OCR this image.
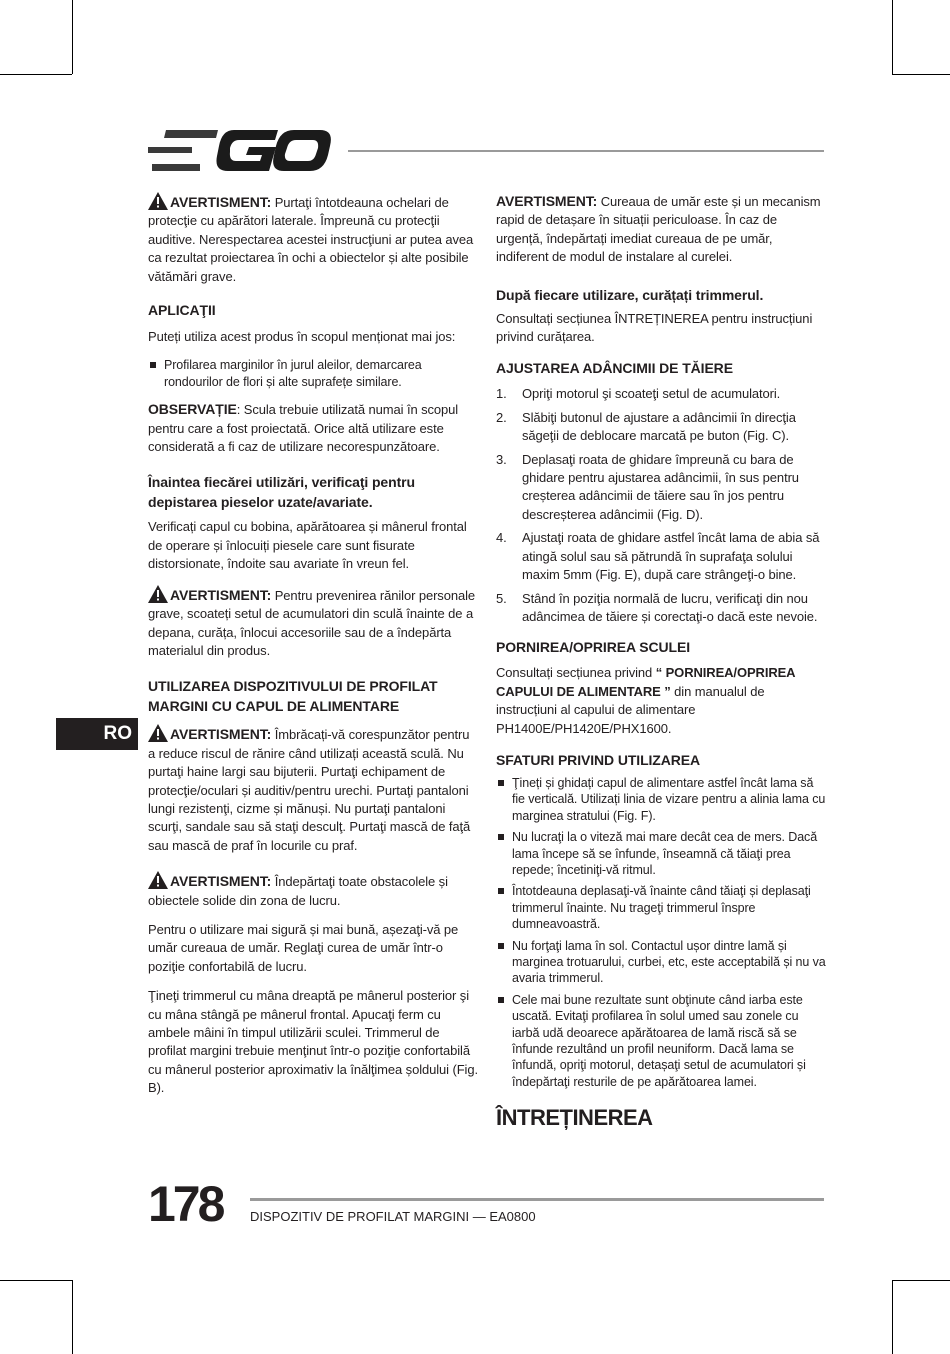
AVERTISMENT: Purtaţi întotdeauna ochelari de protecţie cu apărători laterale. Împreună cu protecţii auditive. Nerespectarea acestei instrucţiuni ar putea avea ca rezultat proiectarea în ochi a obiectelor și alte posibile vătămări grave.

APLICAŢII

Puteți utiliza acest produs în scopul menționat mai jos:

Profilarea marginilor în jurul aleilor, demarcarea rondourilor de flori și alte suprafețe similare.

OBSERVAȚIE: Scula trebuie utilizată numai în scopul pentru care a fost proiectată. Orice altă utilizare este considerată a fi caz de utilizare necorespunzătoare.

Înaintea fiecărei utilizări, verificaţi pentru depistarea pieselor uzate/avariate.

Verificați capul cu bobina, apărătoarea și mânerul frontal de operare și înlocuiți piesele care sunt fisurate distorsionate, îndoite sau avariate în vreun fel.

AVERTISMENT: Pentru prevenirea rănilor personale grave, scoateți setul de acumulatori din sculă înainte de a depana, curăța, înlocui accesoriile sau de a îndepărta materialul din produs.

UTILIZAREA DISPOZITIVULUI DE PROFILAT MARGINI CU CAPUL DE ALIMENTARE

AVERTISMENT: Îmbrăcați-vă corespunzător pentru a reduce riscul de rănire când utilizați această sculă. Nu purtaţi haine largi sau bijuterii. Purtaţi echipament de protecţie/oculari și auditiv/pentru urechi. Purtaţi pantaloni lungi rezistenţi, cizme și mănuși. Nu purtaţi pantaloni scurţi, sandale sau să staţi desculţ. Purtaţi mască de faţă sau mască de praf în locurile cu praf.

AVERTISMENT: Îndepărtaţi toate obstacolele și obiectele solide din zona de lucru.

Pentru o utilizare mai sigură și mai bună, așezaţi-vă pe umăr cureaua de umăr. Reglaţi curea de umăr într-o poziţie confortabilă de lucru.

Ţineţi trimmerul cu mâna dreaptă pe mânerul posterior şi cu mâna stângă pe mânerul frontal. Apucaţi ferm cu ambele mâini în timpul utilizării sculei. Trimmerul de profilat margini trebuie menţinut într-o poziţie confortabilă cu mânerul posterior aproximativ la înălţimea șoldului (Fig. B).

AVERTISMENT: Cureaua de umăr este și un mecanism rapid de detașare în situații periculoase. În caz de urgență, îndepărtați imediat cureaua de pe umăr, indiferent de modul de instalare al curelei.

După fiecare utilizare, curățați trimmerul.

Consultați secțiunea ÎNTREȚINEREA pentru instrucțiuni privind curățarea.

AJUSTAREA ADÂNCIMII DE TĂIERE
1. Opriţi motorul şi scoateţi setul de acumulatori.
2. Slăbiţi butonul de ajustare a adâncimii în direcţia săgeţii de deblocare marcată pe buton (Fig. C).
3. Deplasaţi roata de ghidare împreună cu bara de ghidare pentru ajustarea adâncimii, în sus pentru creșterea adâncimii de tăiere sau în jos pentru descreșterea adâncimii (Fig. D).
4. Ajustaţi roata de ghidare astfel încât lama de abia să atingă solul sau să pătrundă în suprafaţa solului maxim 5mm (Fig. E), după care strângeţi-o bine.
5. Stând în poziţia normală de lucru, verificaţi din nou adâncimea de tăiere și corectaţi-o dacă este nevoie.
PORNIREA/OPRIREA SCULEI

Consultați secțiunea privind “ PORNIREA/OPRIREA CAPULUI DE ALIMENTARE ” din manualul de instrucțiuni al capului de alimentare PH1400E/PH1420E/PHX1600.

SFATURI PRIVIND UTILIZAREA
Ţineți și ghidați capul de alimentare astfel încât lama să fie verticală. Utilizați linia de vizare pentru a alinia lama cu marginea stratului (Fig. F).
Nu lucraţi la o viteză mai mare decât cea de mers. Dacă lama începe să se înfunde, înseamnă că tăiaţi prea repede; încetiniţi-vă ritmul.
Întotdeauna deplasaţi-vă înainte când tăiaţi și deplasaţi trimmerul înainte. Nu trageţi trimmerul înspre dumneavoastră.
Nu forţaţi lama în sol. Contactul ușor dintre lamă și marginea trotuarului, curbei, etc, este acceptabilă și nu va avaria trimmerul.
Cele mai bune rezultate sunt obţinute când iarba este uscată. Evitaţi profilarea în solul umed sau zonele cu iarbă udă deoarece apărătoarea de lamă riscă să se înfunde rezultând un profil neuniform. Dacă lama se înfundă, opriţi motorul, detașaţi setul de acumulatori și îndepărtaţi resturile de pe apărătoarea lamei.
ÎNTREȚINEREA
RO
178 DISPOZITIV DE PROFILAT MARGINI — EA0800
